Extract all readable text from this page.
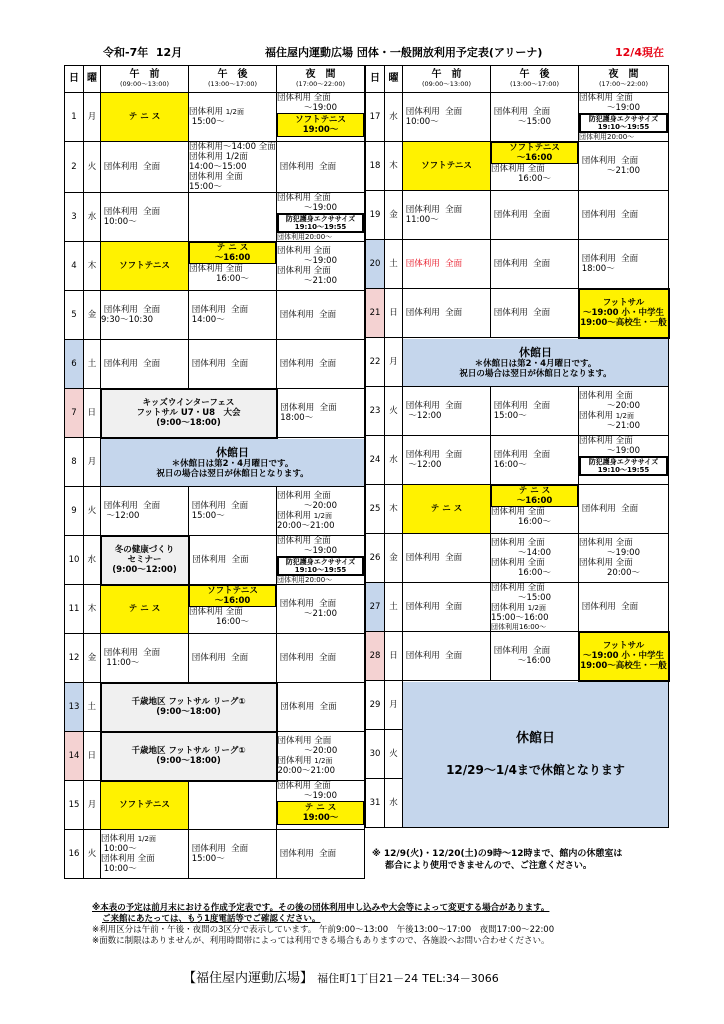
令和-7年 12月	福住屋内運動広場 団体・一般開放利用予定表(アリーナ)	12/4現在
日	曜	午　前
(09:00～13:00)	午　後
(13:00～17:00)	夜　間
(17:00～22:00)

1	月	テ ニ ス	団体利用 1/2面
15:00～	団体利用 全面
～19:00
ソフトテニス
19:00～

2	火	団体利用 全面	団体利用～14:00 全面
団体利用 1/2面
14:00～15:00
団体利用 全面
15:00～	団体利用 全面

3	水	団体利用 全面
10:00～		団体利用 全面
～19:00
防犯護身エクササイズ
19:10～19:55
団体利用20:00～

4	木	ソフトテニス	テ ニ ス
～16:00
団体利用 全面
16:00～	団体利用 全面
～19:00
団体利用 全面
～21:00

5	金	団体利用 全面
9:30～10:30	団体利用 全面
14:00～	団体利用 全面

6	土	団体利用 全面	団体利用 全面	団体利用 全面

7	日	キッズウインターフェス
フットサル U7・U8　大会
(9:00～18:00)		団体利用 全面
18:00～

8	月	休館日
＊休館日は第2・4月曜日です。
祝日の場合は翌日が休館日となります。		

9	火	団体利用 全面
～12:00	団体利用 全面
15:00～	団体利用 全面
～20:00
団体利用 1/2面
20:00～21:00

10	水	冬の健康づくり
セミナー
(9:00～12:00)	団体利用 全面	団体利用 全面
～19:00
防犯護身エクササイズ
19:10～19:55
団体利用20:00～

11	木	テ ニ ス	ソフトテニス
～16:00
団体利用 全面
16:00～	団体利用 全面
～21:00

12	金	団体利用 全面
11:00～	団体利用 全面	団体利用 全面

13	土	千歳地区 フットサル リーグ①
(9:00～18:00)		団体利用 全面

14	日	千歳地区 フットサル リーグ①
(9:00～18:00)		団体利用 全面
～20:00
団体利用 1/2面
20:00～21:00

15	月	ソフトテニス		団体利用 全面
～19:00
テ ニ ス
19:00～

16	火	団体利用 1/2面
10:00～
団体利用 全面
10:00～	団体利用 全面
15:00～	団体利用 全面
日	曜	午　前
(09:00～13:00)	午　後
(13:00～17:00)	夜　間
(17:00～22:00)

17	水	団体利用 全面
10:00～	団体利用 全面
～15:00	団体利用 全面
～19:00
防犯護身エクササイズ
19:10～19:55
団体利用20:00～

18	木	ソフトテニス	ソフトテニス
～16:00
団体利用 全面
16:00～	団体利用 全面
～21:00

19	金	団体利用 全面
11:00～	団体利用 全面	団体利用 全面

20	土	団体利用 全面	団体利用 全面	団体利用 全面
18:00～

21	日	団体利用 全面	団体利用 全面	フットサル
～19:00 小・中学生
19:00～高校生・一般

22	月	休館日
＊休館日は第2・4月曜日です。
祝日の場合は翌日が休館日となります。		

23	火	団体利用 全面
～12:00	団体利用 全面
15:00～	団体利用 全面
～20:00
団体利用 1/2面
～21:00

24	水	団体利用 全面
～12:00	団体利用 全面
16:00～	団体利用 全面
～19:00
防犯護身エクササイズ
19:10～19:55

25	木	テ ニ ス	テ ニ ス
～16:00
団体利用 全面
16:00～	団体利用 全面

26	金	団体利用 全面	団体利用 全面
～14:00
団体利用 全面
16:00～	団体利用 全面
～19:00
団体利用 全面
20:00～

27	土	団体利用 全面	団体利用 全面
～15:00
団体利用 1/2面
15:00～16:00
団体利用16:00～	団体利用 全面

28	日	団体利用 全面	団体利用 全面
～16:00	フットサル
～19:00 小・中学生
19:00～高校生・一般

29	月	休館日
12/29～1/4まで休館となります		

30	火			
31	水			
※ 12/9(火)・12/20(土)の9時～12時まで、館内の休憩室は
都合により使用できませんので、ご注意ください。
※本表の予定は前月末における作成予定表です。その後の団体利用申し込みや大会等によって変更する場合があります。
ご来館にあたっては、もう1度電話等でご確認ください。
※利用区分は午前・午後・夜間の3区分で表示しています。 午前9:00～13:00　午後13:00～17:00　夜間17:00～22:00
※面数に制限はありませんが、利用時間帯によっては利用できる場合もありますので、各施設へお問い合わせください。
【福住屋内運動広場】 福住町1丁目21－24 TEL:34－3066
